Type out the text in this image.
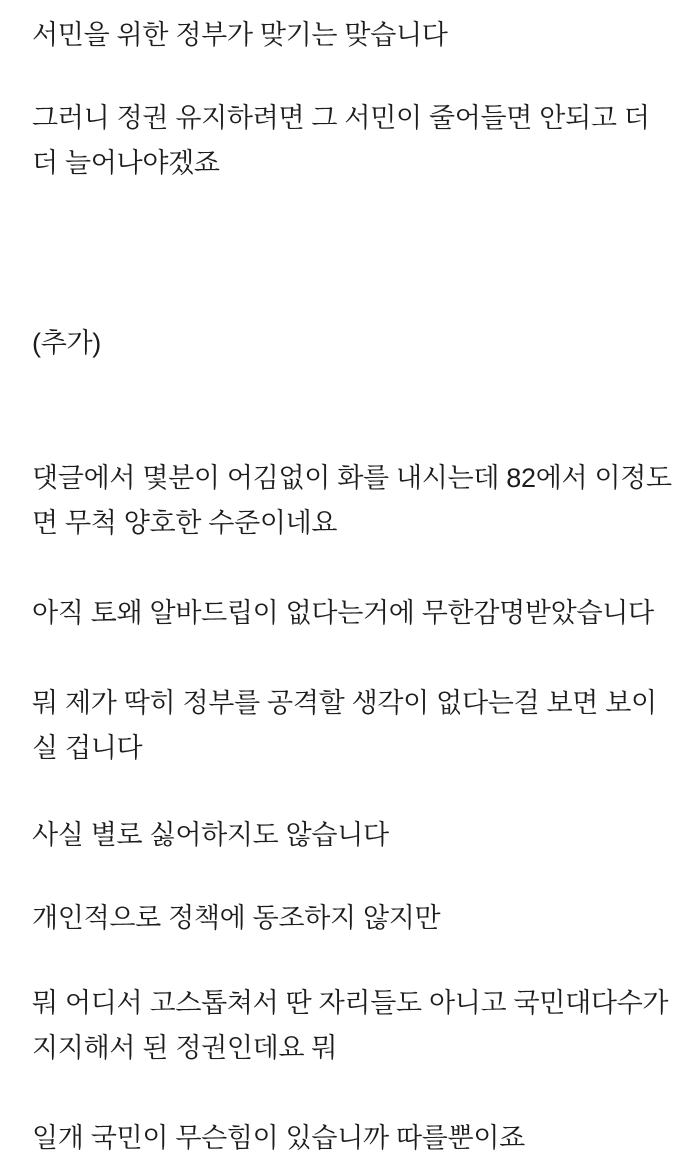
서민을 위한 정부가 맞기는 맞습니다

그러니 정권 유지하려면 그 서민이 줄어들면 안되고 더더 늘어나야겠죠

(추가)

댓글에서 몇분이 어김없이 화를 내시는데 82에서 이정도면 무척 양호한 수준이네요

아직 토왜 알바드립이 없다는거에 무한감명받았습니다

뭐 제가 딱히 정부를 공격할 생각이 없다는걸 보면 보이실 겁니다

사실 별로 싫어하지도 않습니다

개인적으로 정책에 동조하지 않지만

뭐 어디서 고스톱쳐서 딴 자리들도 아니고 국민대다수가 지지해서 된 정권인데요 뭐

일개 국민이 무슨힘이 있습니까 따를뿐이죠
